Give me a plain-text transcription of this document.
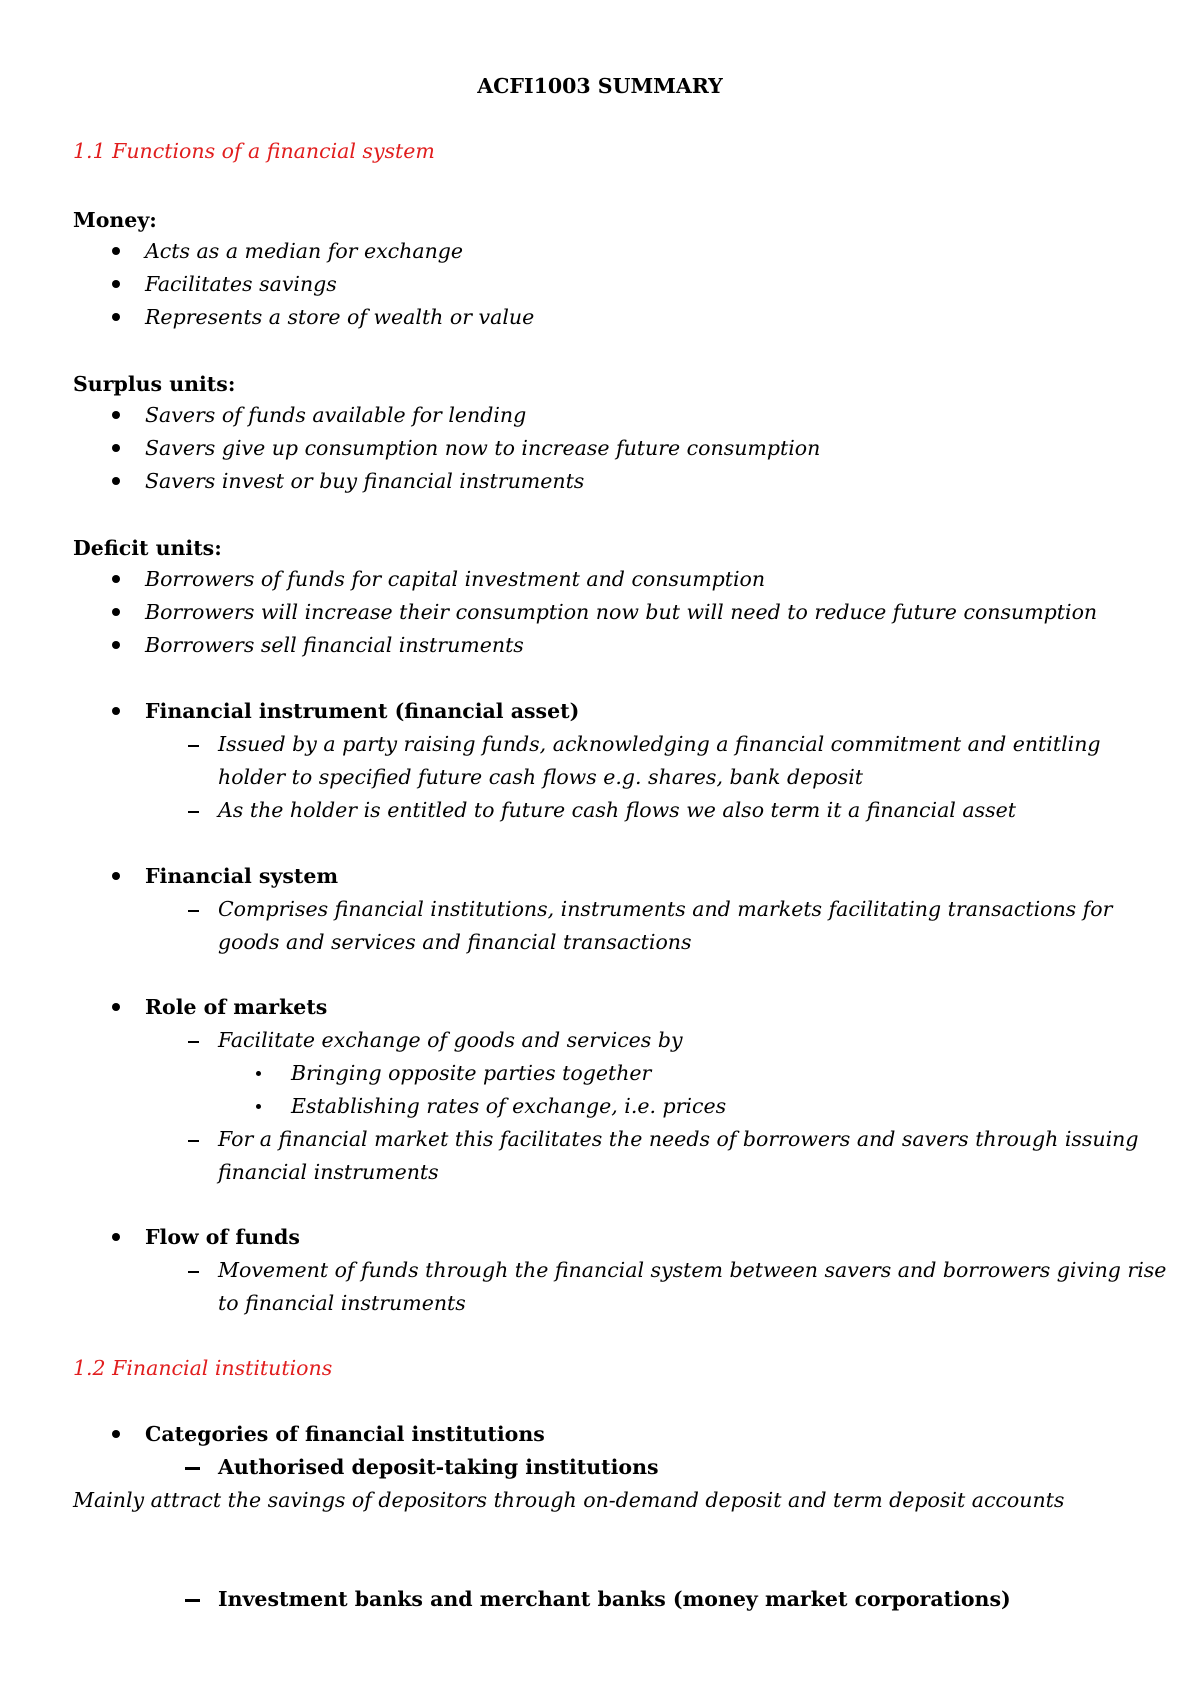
ACFI1003 SUMMARY
1.1 Functions of a financial system
Money:
Acts as a median for exchange
Facilitates savings
Represents a store of wealth or value
Surplus units:
Savers of funds available for lending
Savers give up consumption now to increase future consumption
Savers invest or buy financial instruments
Deficit units:
Borrowers of funds for capital investment and consumption
Borrowers will increase their consumption now but will need to reduce future consumption
Borrowers sell financial instruments
Financial instrument (financial asset)
Issued by a party raising funds, acknowledging a financial commitment and entitling
holder to specified future cash flows e.g. shares, bank deposit
As the holder is entitled to future cash flows we also term it a financial asset
Financial system
Comprises financial institutions, instruments and markets facilitating transactions for
goods and services and financial transactions
Role of markets
Facilitate exchange of goods and services by
Bringing opposite parties together
Establishing rates of exchange, i.e. prices
For a financial market this facilitates the needs of borrowers and savers through issuing
financial instruments
Flow of funds
Movement of funds through the financial system between savers and borrowers giving rise
to financial instruments
1.2 Financial institutions
Categories of financial institutions
Authorised deposit-taking institutions
Mainly attract the savings of depositors through on-demand deposit and term deposit accounts
Investment banks and merchant banks (money market corporations)
